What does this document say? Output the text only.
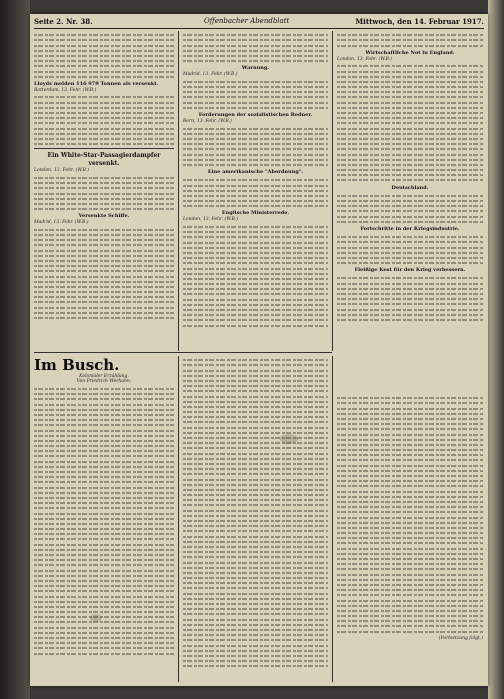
Seite 2. Nr. 38.	Offenbacher Abendblatt	Mittwoch, den 14. Februar 1917.
Lloyds melden 116 979 Tonnen als versenkt.
Rotterdam, 13. Febr. (W.B.)
Ein White-Star-Passagierdampfer versenkt.
London, 13. Febr. (W.B.)
Versenkte Schiffe.
Madrid, 13. Febr. (W.B.)
Warnung.
Madrid, 13. Febr. (W.B.)
Forderungen der sozialistischen Redner.
Bern, 13. Febr. (W.B.)
Eine amerikanische "Abordnung".
Englische Ministerrede.
London, 13. Febr. (W.B.)
Wirtschaftliche Not in England.
London, 13. Febr. (W.B.)
Deutschland.
Fortschritte in der Kriegsindustrie.
Fleißige Kost für den Krieg verbessern.
Im Busch.
Kolonialer Erzählung.
Von Friedrich Werhahn.
(Fortsetzung folgt.)
